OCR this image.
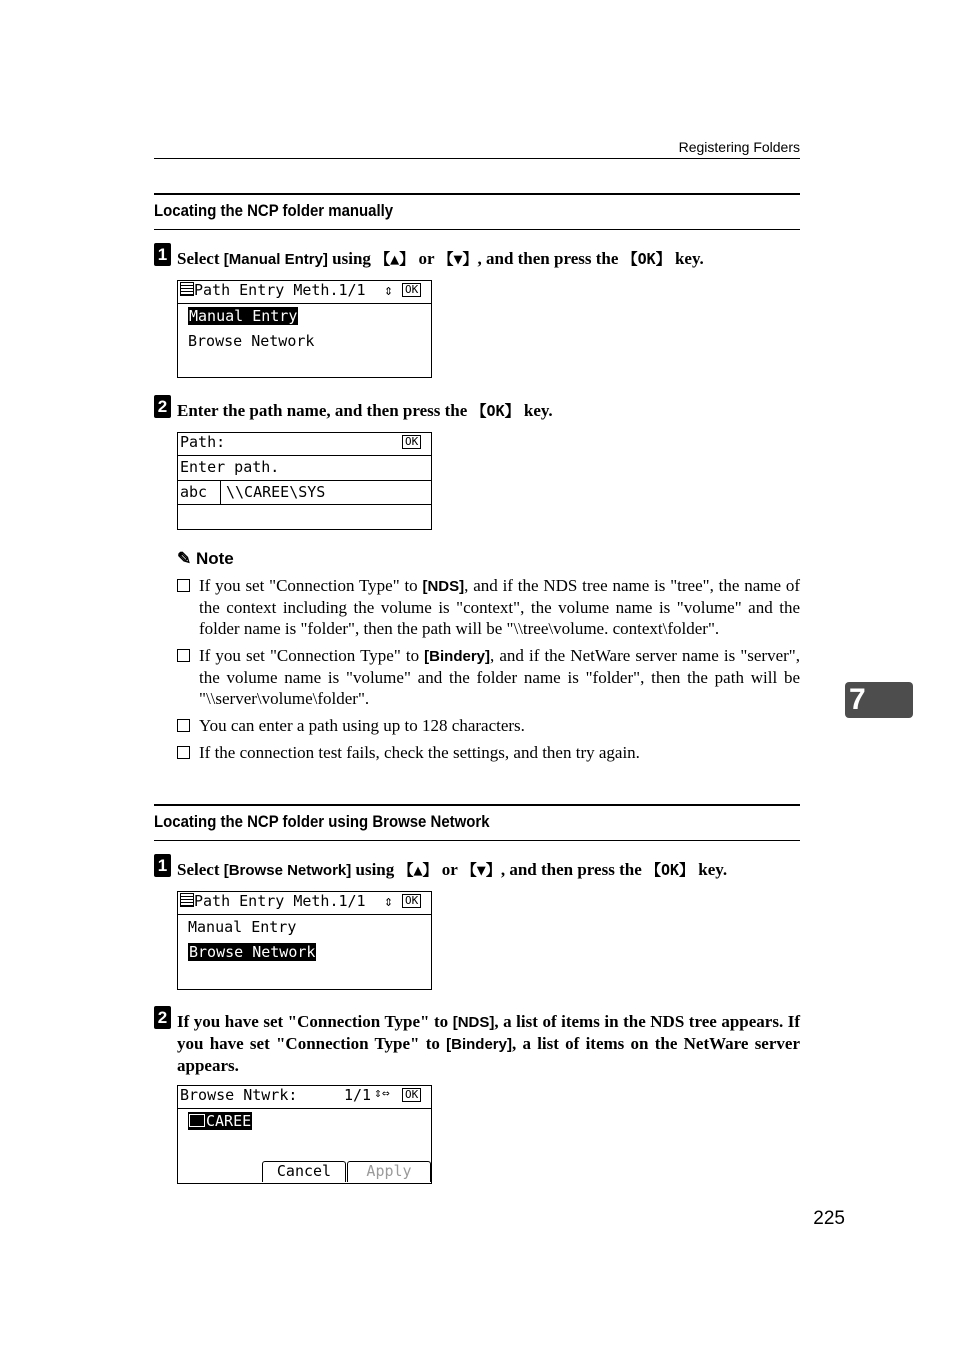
Registering Folders
Locating the NCP folder manually
1 Select [Manual Entry] using 【▲】 or 【▼】, and then press the 【OK】 key.
Path Entry Meth.1/1	⇕ OK
Manual Entry
Browse Network
2 Enter the path name, and then press the 【OK】 key.
Path:	OK
Enter path.
abc	\\CAREE\SYS
✎ Note
If you set "Connection Type" to [NDS], and if the NDS tree name is "tree", the name of the context including the volume is "context", the volume name is "volume" and the folder name is "folder", then the path will be "\\tree\volume. context\folder".
If you set "Connection Type" to [Bindery], and if the NetWare server name is "server", the volume name is "volume" and the folder name is "folder", then the path will be "\\server\volume\folder".
You can enter a path using up to 128 characters.
If the connection test fails, check the settings, and then try again.
7
Locating the NCP folder using Browse Network
1 Select [Browse Network] using 【▲】 or 【▼】, and then press the 【OK】 key.
Path Entry Meth.1/1	⇕ OK
Manual Entry
Browse Network
2 If you have set "Connection Type" to [NDS], a list of items in the NDS tree appears. If you have set "Connection Type" to [Bindery], a list of items on the NetWare server appears.
Browse Ntwrk:	1/1 ⇕⇔ OK
CAREE
Cancel	Apply
225
